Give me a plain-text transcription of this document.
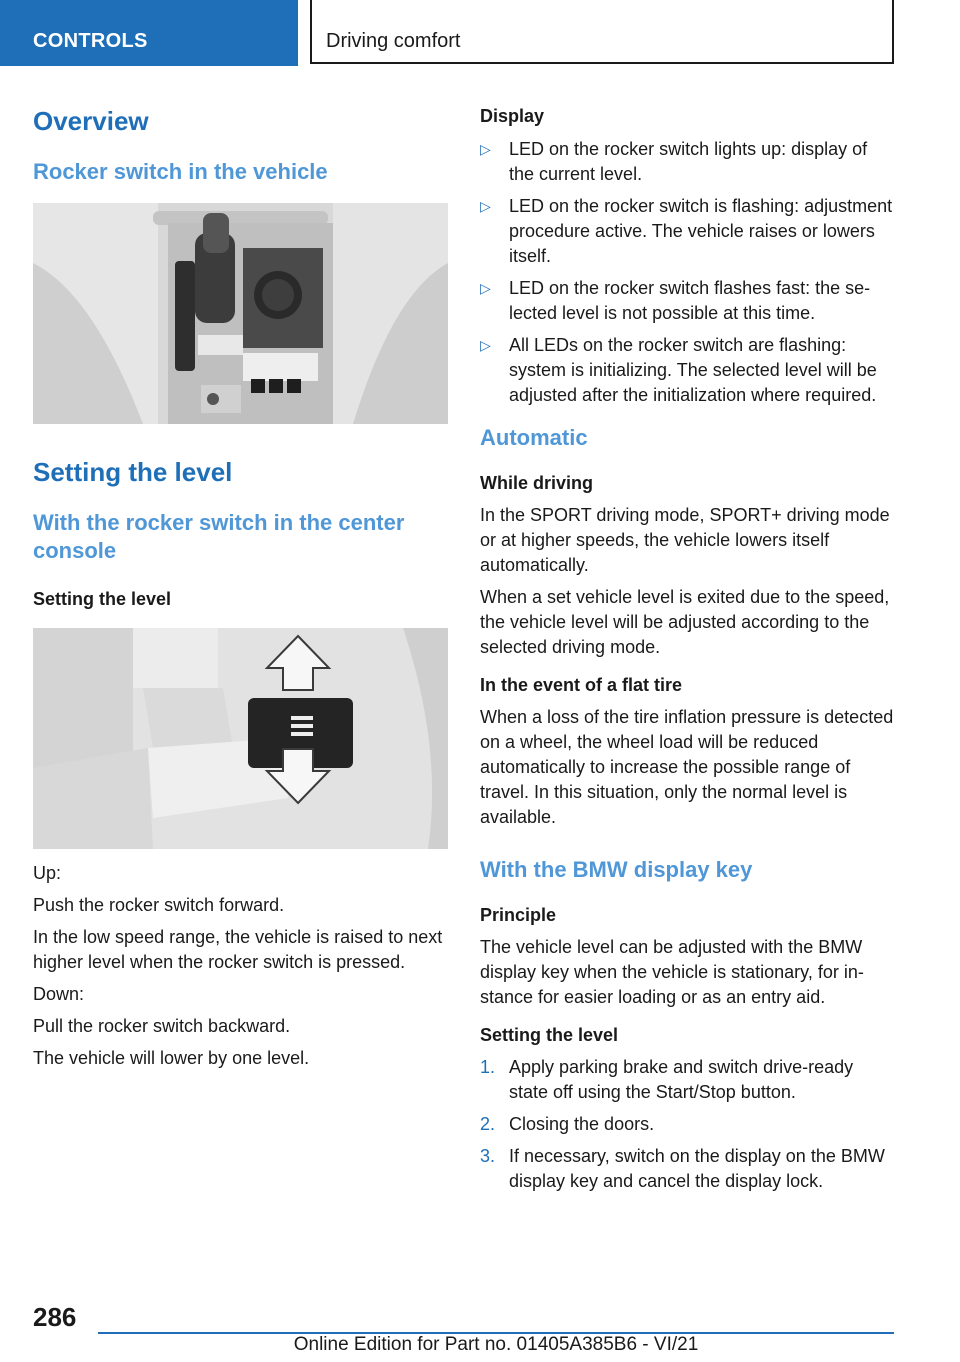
CONTROLS	Driving comfort
Overview
Rocker switch in the vehicle
Setting the level
With the rocker switch in the center console
Setting the level

Up:

Push the rocker switch forward.

In the low speed range, the vehicle is raised to next higher level when the rocker switch is pressed.

Down:

Pull the rocker switch backward.

The vehicle will lower by one level.

Display
▷ LED on the rocker switch lights up: display of the current level.
▷ LED on the rocker switch is flashing: adjustment procedure active. The vehicle raises or lowers itself.
▷ LED on the rocker switch flashes fast: the selected level is not possible at this time.
▷ All LEDs on the rocker switch are flashing: system is initializing. The selected level will be adjusted after the initialization where required.
Automatic
While driving

In the SPORT driving mode, SPORT+ driving mode or at higher speeds, the vehicle lowers itself automatically.

When a set vehicle level is exited due to the speed, the vehicle level will be adjusted according to the selected driving mode.

In the event of a flat tire

When a loss of the tire inflation pressure is detected on a wheel, the wheel load will be reduced automatically to increase the possible range of travel. In this situation, only the normal level is available.

With the BMW display key
Principle

The vehicle level can be adjusted with the BMW display key when the vehicle is stationary, for instance for easier loading or as an entry aid.

Setting the level
1. Apply parking brake and switch drive-ready state off using the Start/Stop button.
2. Closing the doors.
3. If necessary, switch on the display on the BMW display key and cancel the display lock.
286
Online Edition for Part no. 01405A385B6 - VI/21
